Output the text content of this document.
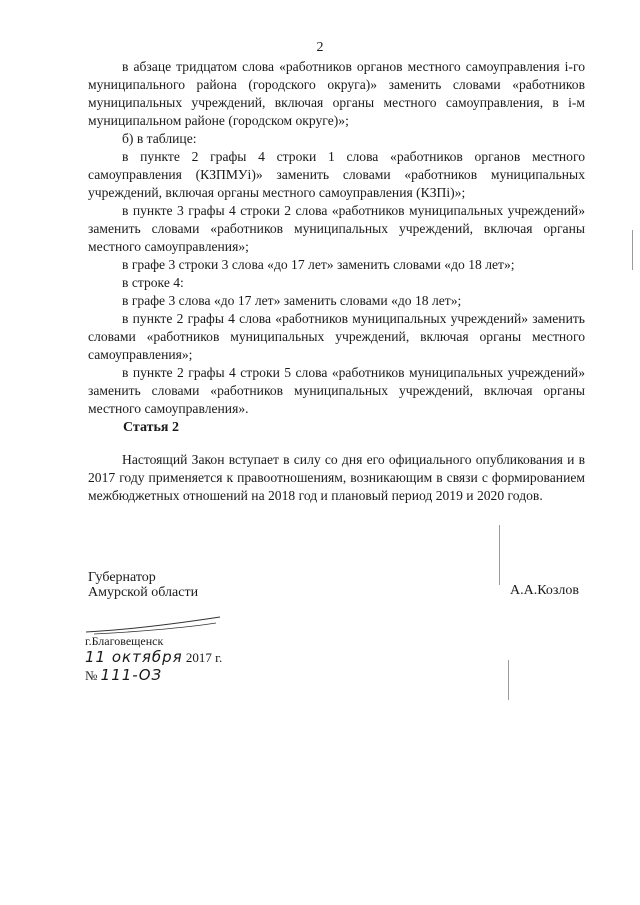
2

в абзаце тридцатом слова «работников органов местного самоуправления i-го муниципального района (городского округа)» заменить словами «работников муниципальных учреждений, включая органы местного самоуправления, в i-м муниципальном районе (городском округе)»;

б) в таблице:

в пункте 2 графы 4 строки 1 слова «работников органов местного самоуправления (КЗПМУi)» заменить словами «работников муниципальных учреждений, включая органы местного самоуправления (КЗПi)»;

в пункте 3 графы 4 строки 2 слова «работников муниципальных учреждений» заменить словами «работников муниципальных учреждений, включая органы местного самоуправления»;

в графе 3 строки 3 слова «до 17 лет» заменить словами «до 18 лет»;

в строке 4:

в графе 3 слова «до 17 лет» заменить словами «до 18 лет»;

в пункте 2 графы 4 слова «работников муниципальных учреждений» заменить словами «работников муниципальных учреждений, включая органы местного самоуправления»;

в пункте 2 графы 4 строки 5 слова «работников муниципальных учреждений» заменить словами «работников муниципальных учреждений, включая органы местного самоуправления».

Статья 2

Настоящий Закон вступает в силу со дня его официального опубликования и в 2017 году применяется к правоотношениям, возникающим в связи с формированием межбюджетных отношений на 2018 год и плановый период 2019 и 2020 годов.

Губернатор
Амурской области	А.А.Козлов
г.Благовещенск
11 октября 2017 г.
№ 111-ОЗ
